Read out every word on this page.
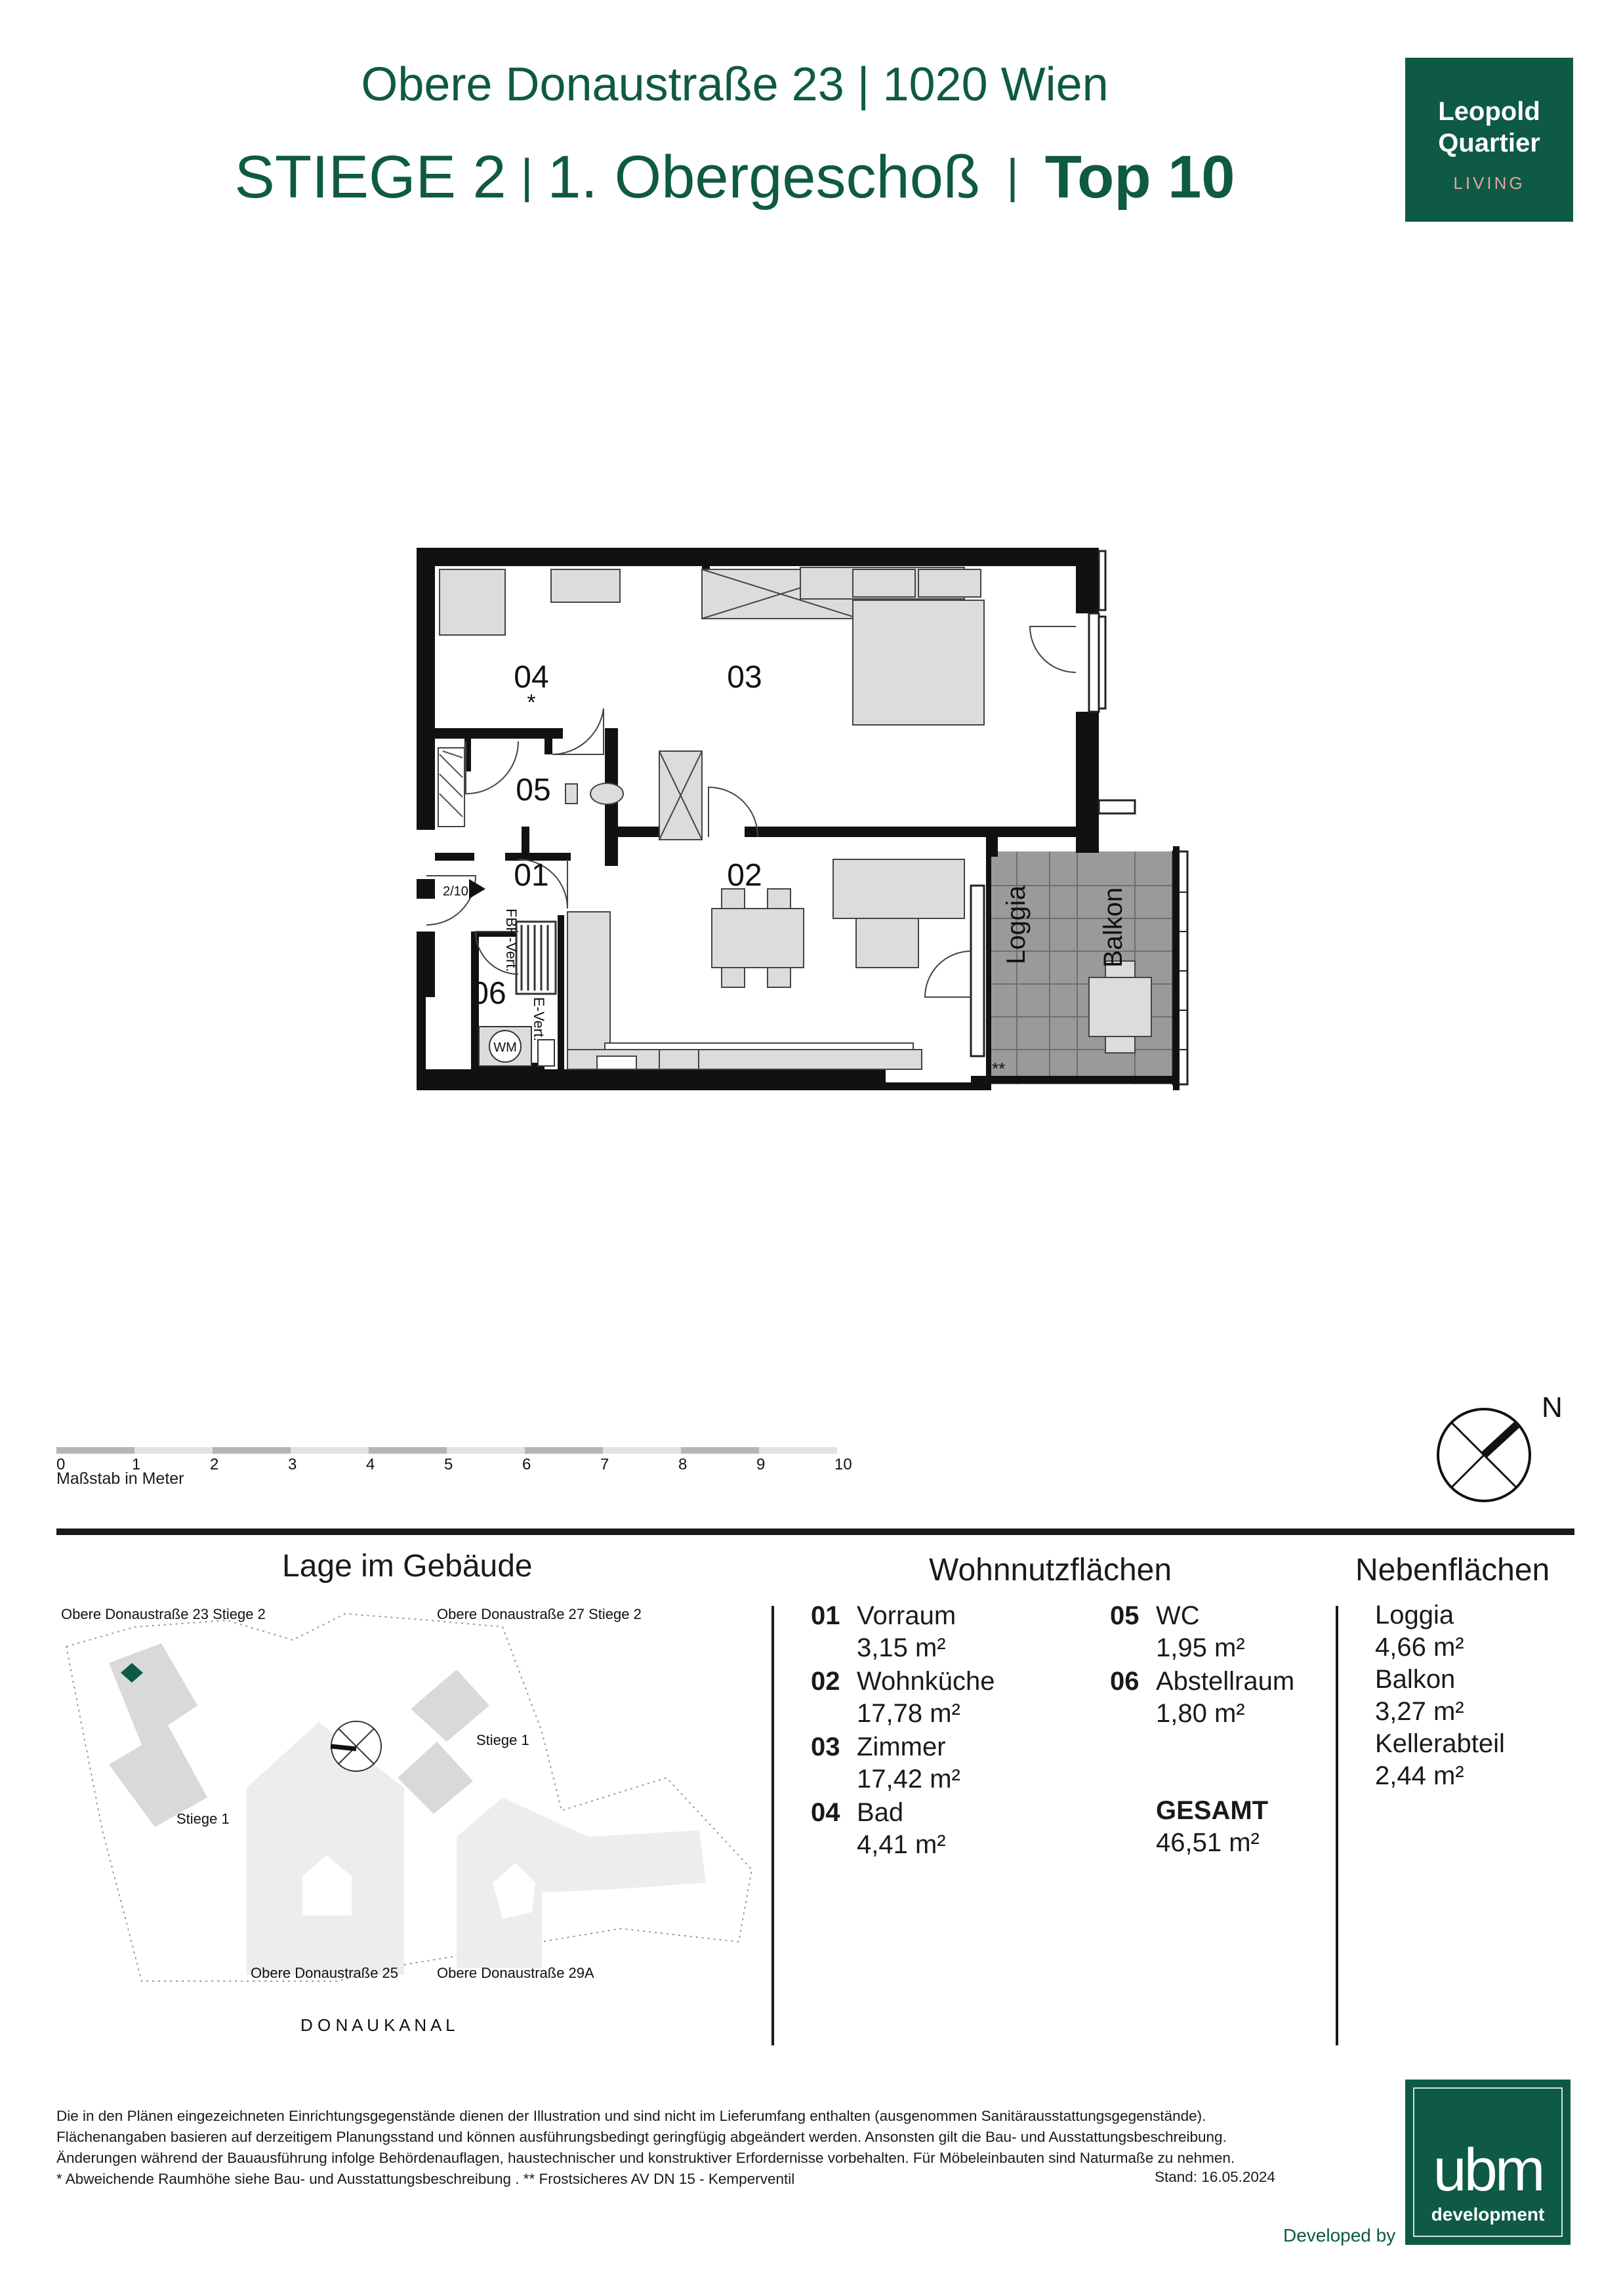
Obere Donaustraße 23 | 1020 Wien
STIEGE 2 | 1. Obergeschoß | Top 10
Leopold
Quartier
LIVING
04
*
03
05
01	02
06
2/10
FBH-Vert.
E-Vert.
WM
Loggia	Balkon
**
0	1	2	3	4	5	6	7	8	9	10
Maßstab in Meter
N
Lage im Gebäude	Wohnnutzflächen	Nebenflächen
Obere Donaustraße 23 Stiege 2	Obere Donaustraße 27 Stiege 2
Stiege 1
Stiege 1
Obere Donaustraße 25	Obere Donaustraße 29A
D O N A U K A N A L
01 Vorraum
3,15 m²
02 Wohnküche
17,78 m²
03 Zimmer
17,42 m²
04 Bad
4,41 m²
05 WC
1,95 m²
06 Abstellraum
1,80 m²
GESAMT
46,51 m²
Loggia
4,66 m²
Balkon
3,27 m²
Kellerabteil
2,44 m²
Die in den Plänen eingezeichneten Einrichtungsgegenstände dienen der Illustration und sind nicht im Lieferumfang enthalten (ausgenommen Sanitärausstattungsgegenstände).
Flächenangaben basieren auf derzeitigem Planungsstand und können ausführungsbedingt geringfügig abgeändert werden. Ansonsten gilt die Bau- und Ausstattungsbeschreibung.
Änderungen während der Bauausführung infolge Behördenauflagen, haustechnischer und konstruktiver Erfordernisse vorbehalten. Für Möbeleinbauten sind Naturmaße zu nehmen.
* Abweichende Raumhöhe siehe Bau- und Ausstattungsbeschreibung . ** Frostsicheres AV DN 15 - Kemperventil	Stand: 16.05.2024
Developed by
ubm
development
